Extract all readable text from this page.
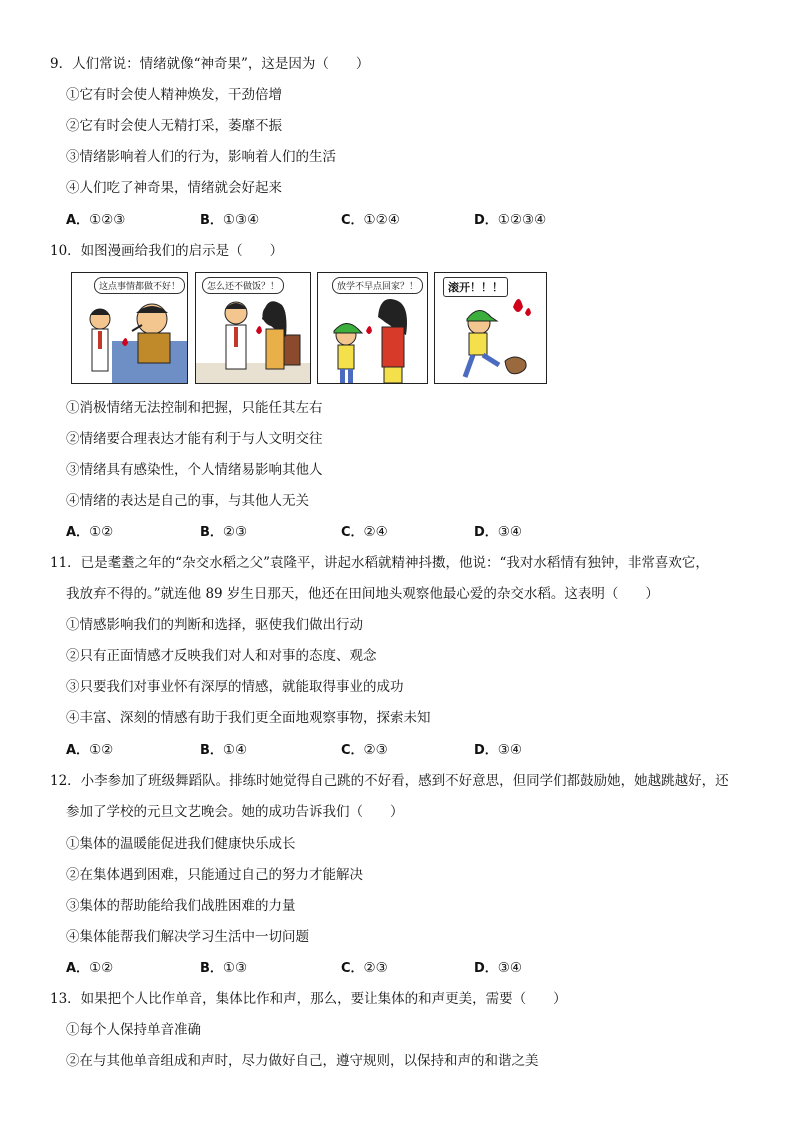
9．人们常说：情绪就像“神奇果”，这是因为（　　）
①它有时会使人精神焕发，干劲倍增
②它有时会使人无精打采，萎靡不振
③情绪影响着人们的行为，影响着人们的生活
④人们吃了神奇果，情绪就会好起来
A．①②③	B．①③④	C．①②④	D．①②③④
10．如图漫画给我们的启示是（　　）
这点事情都做不好！	怎么还不做饭？！	放学不早点回家？！	滚开！！！
①消极情绪无法控制和把握，只能任其左右
②情绪要合理表达才能有利于与人文明交往
③情绪具有感染性，个人情绪易影响其他人
④情绪的表达是自己的事，与其他人无关
A．①②	B．②③	C．②④	D．③④
11．已是耄耋之年的“杂交水稻之父”袁隆平，讲起水稻就精神抖擞，他说：“我对水稻情有独钟，非常喜欢它，
我放弃不得的。”就连他 89 岁生日那天，他还在田间地头观察他最心爱的杂交水稻。这表明（　　）
①情感影响我们的判断和选择，驱使我们做出行动
②只有正面情感才反映我们对人和对事的态度、观念
③只要我们对事业怀有深厚的情感，就能取得事业的成功
④丰富、深刻的情感有助于我们更全面地观察事物，探索未知
A．①②	B．①④	C．②③	D．③④
12．小李参加了班级舞蹈队。排练时她觉得自己跳的不好看，感到不好意思，但同学们都鼓励她，她越跳越好，还
参加了学校的元旦文艺晚会。她的成功告诉我们（　　）
①集体的温暖能促进我们健康快乐成长
②在集体遇到困难，只能通过自己的努力才能解决
③集体的帮助能给我们战胜困难的力量
④集体能帮我们解决学习生活中一切问题
A．①②	B．①③	C．②③	D．③④
13．如果把个人比作单音，集体比作和声，那么，要让集体的和声更美，需要（　　）
①每个人保持单音准确
②在与其他单音组成和声时，尽力做好自己，遵守规则，以保持和声的和谐之美
